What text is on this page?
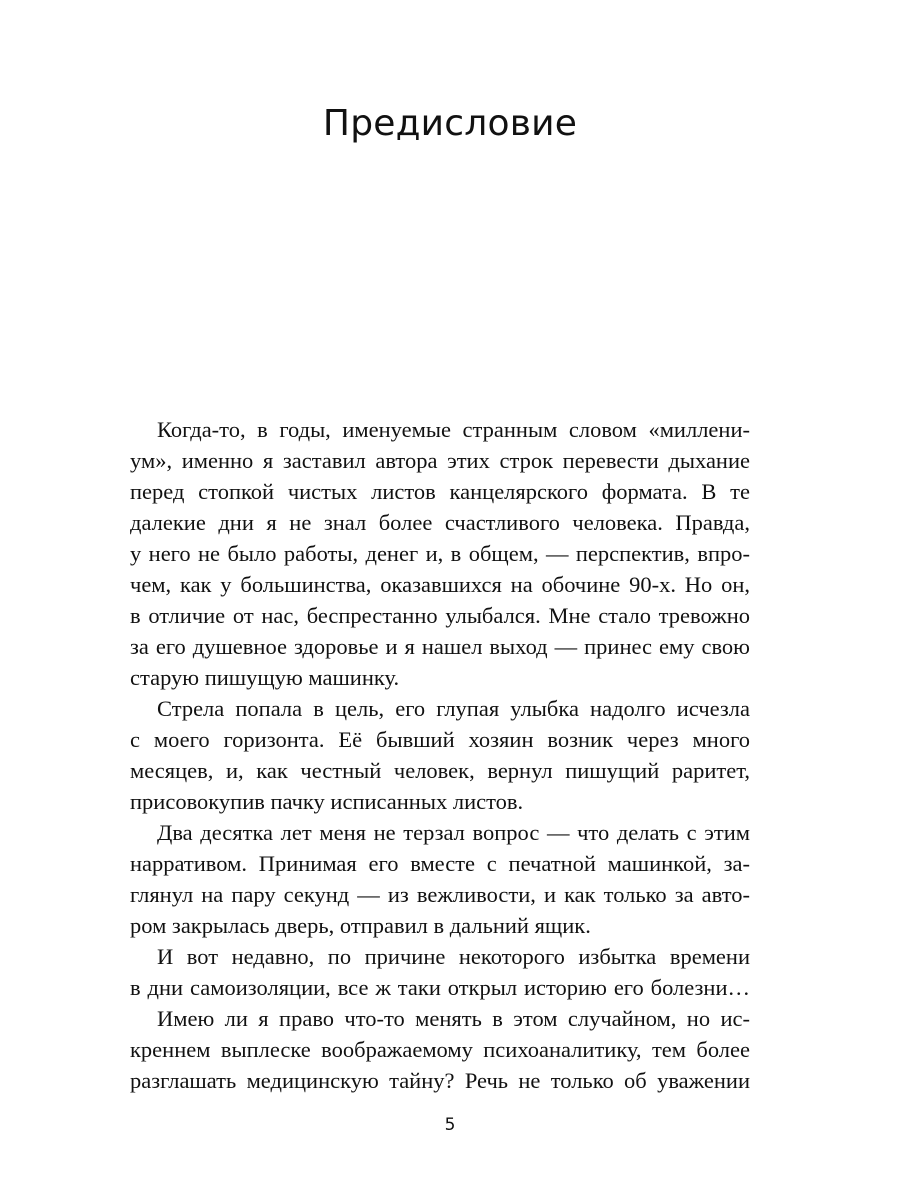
Предисловие

Когда-то, в годы, именуемые странным словом «миллени-
ум», именно я заставил автора этих строк перевести дыхание
перед стопкой чистых листов канцелярского формата. В те
далекие дни я не знал более счастливого человека. Правда,
у него не было работы, денег и, в общем, — перспектив, впро-
чем, как у большинства, оказавшихся на обочине 90-х. Но он,
в отличие от нас, беспрестанно улыбался. Мне стало тревожно
за его душевное здоровье и я нашел выход — принес ему свою
старую пишущую машинку.

Стрела попала в цель, его глупая улыбка надолго исчезла
с моего горизонта. Её бывший хозяин возник через много
месяцев, и, как честный человек, вернул пишущий раритет,
присовокупив пачку исписанных листов.

Два десятка лет меня не терзал вопрос — что делать с этим
нарративом. Принимая его вместе с печатной машинкой, за-
глянул на пару секунд — из вежливости, и как только за авто-
ром закрылась дверь, отправил в дальний ящик.

И вот недавно, по причине некоторого избытка времени
в дни самоизоляции, все ж таки открыл историю его болезни…

Имею ли я право что-то менять в этом случайном, но ис-
креннем выплеске воображаемому психоаналитику, тем более
разглашать медицинскую тайну? Речь не только об уважении

5
